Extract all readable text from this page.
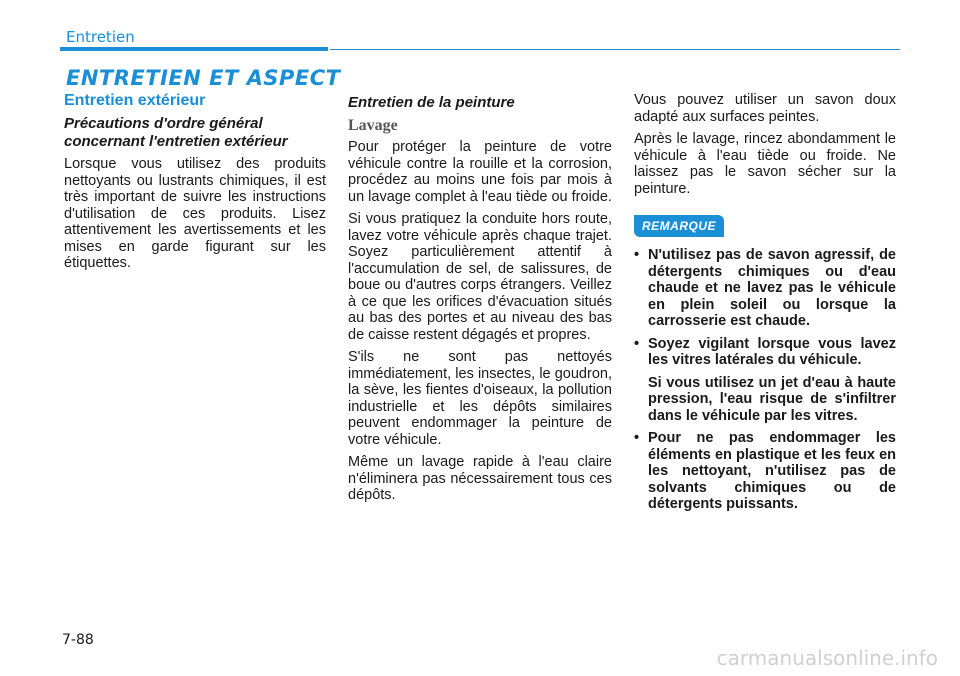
Entretien
ENTRETIEN ET ASPECT
Entretien extérieur
Précautions d'ordre général concernant l'entretien extérieur

Lorsque vous utilisez des produits nettoyants ou lustrants chimiques, il est très important de suivre les instructions d'utilisation de ces produits. Lisez attentivement les avertissements et les mises en garde figurant sur les étiquettes.

Entretien de la peinture
Lavage

Pour protéger la peinture de votre véhicule contre la rouille et la corrosion, procédez au moins une fois par mois à un lavage complet à l'eau tiède ou froide.

Si vous pratiquez la conduite hors route, lavez votre véhicule après chaque trajet. Soyez particulièrement attentif à l'accumulation de sel, de salissures, de boue ou d'autres corps étrangers. Veillez à ce que les orifices d'évacuation situés au bas des portes et au niveau des bas de caisse restent dégagés et propres.

S'ils ne sont pas nettoyés immédiatement, les insectes, le goudron, la sève, les fientes d'oiseaux, la pollution industrielle et les dépôts similaires peuvent endommager la peinture de votre véhicule.

Même un lavage rapide à l'eau claire n'éliminera pas nécessairement tous ces dépôts.

Vous pouvez utiliser un savon doux adapté aux surfaces peintes.

Après le lavage, rincez abondamment le véhicule à l'eau tiède ou froide. Ne laissez pas le savon sécher sur la peinture.

REMARQUE
• N'utilisez pas de savon agressif, de détergents chimiques ou d'eau chaude et ne lavez pas le véhicule en plein soleil ou lorsque la carrosserie est chaude.
• Soyez vigilant lorsque vous lavez les vitres latérales du véhicule.
Si vous utilisez un jet d'eau à haute pression, l'eau risque de s'infiltrer dans le véhicule par les vitres.
• Pour ne pas endommager les éléments en plastique et les feux en les nettoyant, n'utilisez pas de solvants chimiques ou de détergents puissants.
7-88
carmanualsonline.info
